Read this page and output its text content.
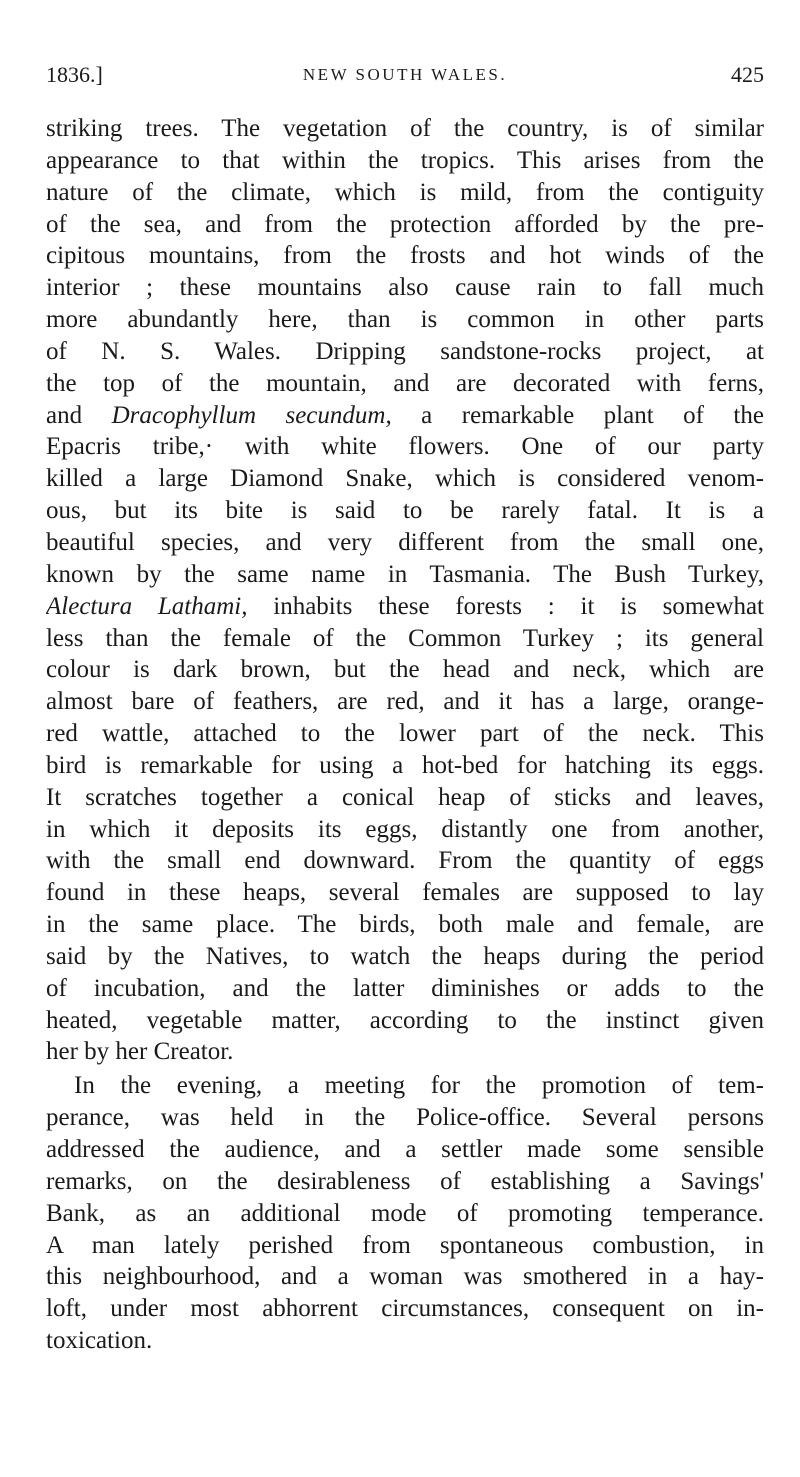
1836.]	NEW SOUTH WALES.	425
striking trees. The vegetation of the country, is of similar
appearance to that within the tropics. This arises from the
nature of the climate, which is mild, from the contiguity
of the sea, and from the protection afforded by the pre-
cipitous mountains, from the frosts and hot winds of the
interior ; these mountains also cause rain to fall much
more abundantly here, than is common in other parts
of N. S. Wales. Dripping sandstone-rocks project, at
the top of the mountain, and are decorated with ferns,
and Dracophyllum secundum, a remarkable plant of the
Epacris tribe,· with white flowers. One of our party
killed a large Diamond Snake, which is considered venom-
ous, but its bite is said to be rarely fatal. It is a
beautiful species, and very different from the small one,
known by the same name in Tasmania. The Bush Turkey,
Alectura Lathami, inhabits these forests : it is somewhat
less than the female of the Common Turkey ; its general
colour is dark brown, but the head and neck, which are
almost bare of feathers, are red, and it has a large, orange-
red wattle, attached to the lower part of the neck. This
bird is remarkable for using a hot-bed for hatching its eggs.
It scratches together a conical heap of sticks and leaves,
in which it deposits its eggs, distantly one from another,
with the small end downward. From the quantity of eggs
found in these heaps, several females are supposed to lay
in the same place. The birds, both male and female, are
said by the Natives, to watch the heaps during the period
of incubation, and the latter diminishes or adds to the
heated, vegetable matter, according to the instinct given
her by her Creator.
In the evening, a meeting for the promotion of tem-
perance, was held in the Police-office. Several persons
addressed the audience, and a settler made some sensible
remarks, on the desirableness of establishing a Savings'
Bank, as an additional mode of promoting temperance.
A man lately perished from spontaneous combustion, in
this neighbourhood, and a woman was smothered in a hay-
loft, under most abhorrent circumstances, consequent on in-
toxication.
